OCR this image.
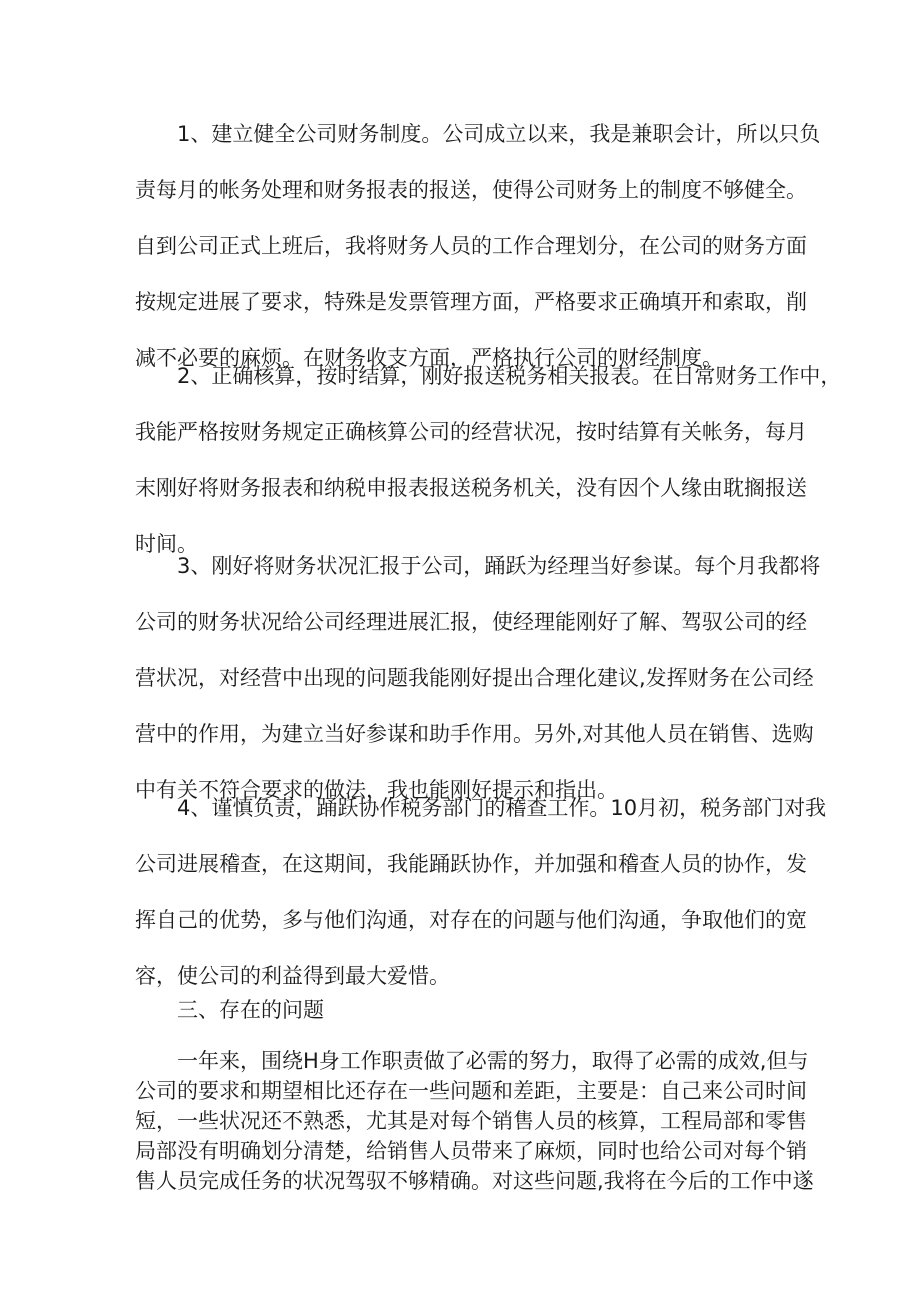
1、建立健全公司财务制度。公司成立以来，我是兼职会计，所以只负
责每月的帐务处理和财务报表的报送，使得公司财务上的制度不够健全。
自到公司正式上班后，我将财务人员的工作合理划分，在公司的财务方面
按规定进展了要求，特殊是发票管理方面，严格要求正确填开和索取，削
减不必要的麻烦。在财务收支方面，严格执行公司的财经制度。
2、正确核算，按时结算，刚好报送税务相关报表。在日常财务工作中，
我能严格按财务规定正确核算公司的经营状况，按时结算有关帐务，每月
末刚好将财务报表和纳税申报表报送税务机关，没有因个人缘由耽搁报送
时间。
3、刚好将财务状况汇报于公司，踊跃为经理当好参谋。每个月我都将
公司的财务状况给公司经理进展汇报，使经理能刚好了解、驾驭公司的经
营状况，对经营中出现的问题我能刚好提出合理化建议,发挥财务在公司经
营中的作用，为建立当好参谋和助手作用。另外,对其他人员在销售、选购
中有关不符合要求的做法，我也能刚好提示和指出。
4、谨慎负责，踊跃协作税务部门的稽查工作。10月初，税务部门对我
公司进展稽查，在这期间，我能踊跃协作，并加强和稽查人员的协作，发
挥自己的优势，多与他们沟通，对存在的问题与他们沟通，争取他们的宽
容，使公司的利益得到最大爱惜。
三、存在的问题
一年来，围绕H身工作职责做了必需的努力，取得了必需的成效,但与
公司的要求和期望相比还存在一些问题和差距，主要是：自己来公司时间
短，一些状况还不熟悉，尤其是对每个销售人员的核算，工程局部和零售
局部没有明确划分清楚，给销售人员带来了麻烦，同时也给公司对每个销
售人员完成任务的状况驾驭不够精确。对这些问题,我将在今后的工作中遂
